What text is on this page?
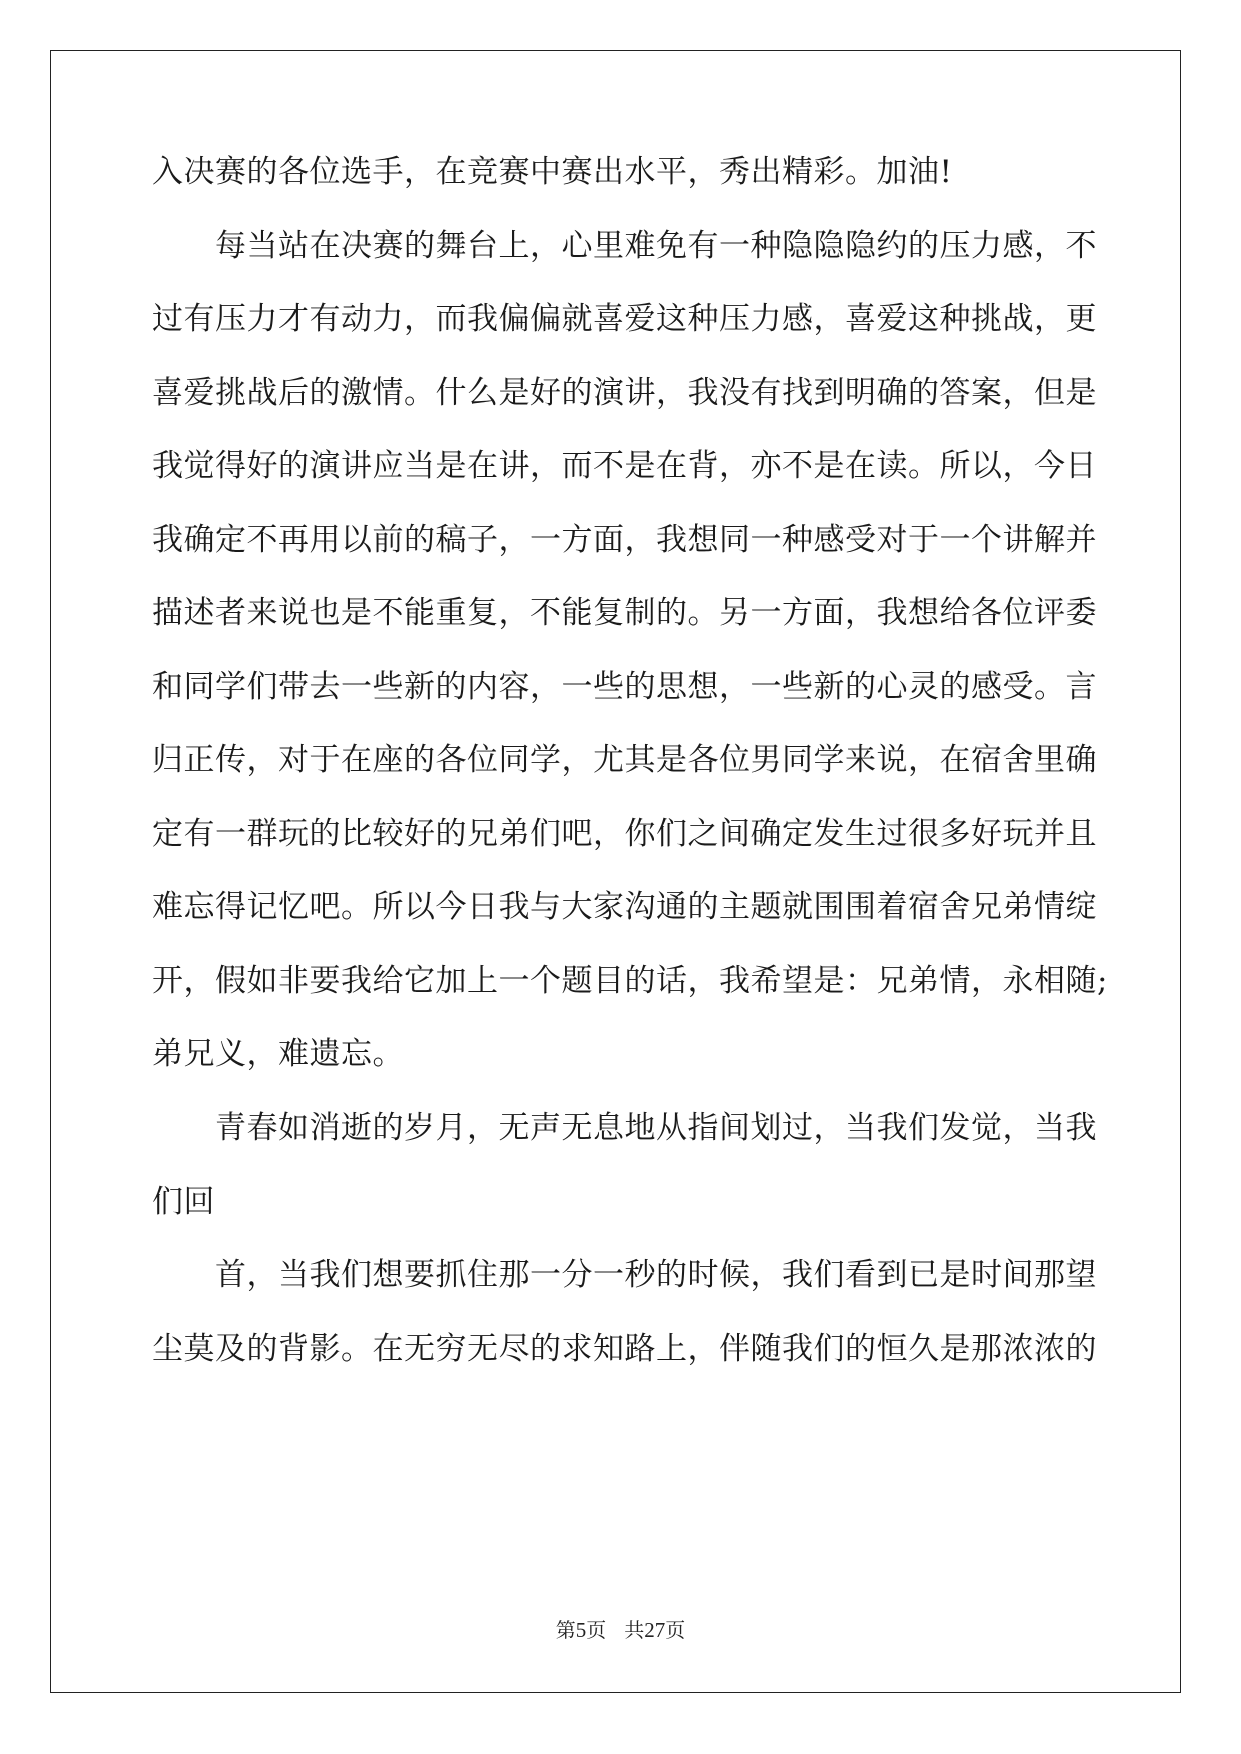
入决赛的各位选手，在竞赛中赛出水平，秀出精彩。加油!
　　每当站在决赛的舞台上，心里难免有一种隐隐隐约的压力感，不
过有压力才有动力，而我偏偏就喜爱这种压力感，喜爱这种挑战，更
喜爱挑战后的激情。什么是好的演讲，我没有找到明确的答案，但是
我觉得好的演讲应当是在讲，而不是在背，亦不是在读。所以，今日
我确定不再用以前的稿子，一方面，我想同一种感受对于一个讲解并
描述者来说也是不能重复，不能复制的。另一方面，我想给各位评委
和同学们带去一些新的内容，一些的思想，一些新的心灵的感受。言
归正传，对于在座的各位同学，尤其是各位男同学来说，在宿舍里确
定有一群玩的比较好的兄弟们吧，你们之间确定发生过很多好玩并且
难忘得记忆吧。所以今日我与大家沟通的主题就围围着宿舍兄弟情绽
开，假如非要我给它加上一个题目的话，我希望是：兄弟情，永相随;
弟兄义，难遗忘。
　　青春如消逝的岁月，无声无息地从指间划过，当我们发觉，当我
们回
　　首，当我们想要抓住那一分一秒的时候，我们看到已是时间那望
尘莫及的背影。在无穷无尽的求知路上，伴随我们的恒久是那浓浓的
第5页 共27页
